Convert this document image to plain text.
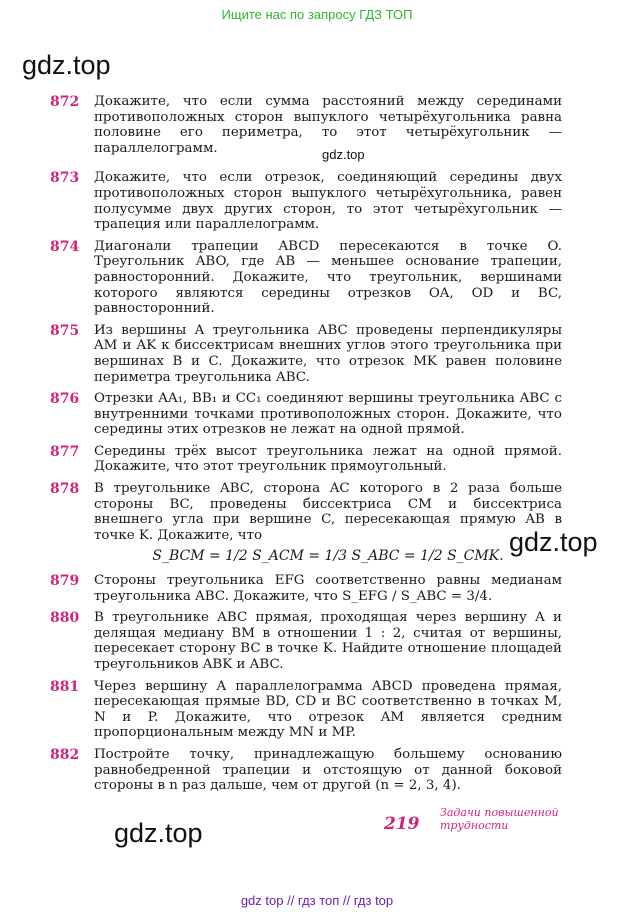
Ищите нас по запросу ГДЗ ТОП
gdz.top
gdz.top
gdz.top
gdz.top
872	Докажите, что если сумма расстояний между серединами противоположных сторон выпуклого четырёхугольника равна половине его периметра, то этот четырёхугольник — параллелограмм.
873	Докажите, что если отрезок, соединяющий середины двух противоположных сторон выпуклого четырёхугольника, равен полусумме двух других сторон, то этот четырёхугольник — трапеция или параллелограмм.
874	Диагонали трапеции ABCD пересекаются в точке O. Треугольник ABO, где AB — меньшее основание трапеции, равносторонний. Докажите, что треугольник, вершинами которого являются середины отрезков OA, OD и BC, равносторонний.
875	Из вершины A треугольника ABC проведены перпендикуляры AM и AK к биссектрисам внешних углов этого треугольника при вершинах B и C. Докажите, что отрезок MK равен половине периметра треугольника ABC.
876	Отрезки AA₁, BB₁ и CC₁ соединяют вершины треугольника ABC с внутренними точками противоположных сторон. Докажите, что середины этих отрезков не лежат на одной прямой.
877	Середины трёх высот треугольника лежат на одной прямой. Докажите, что этот треугольник прямоугольный.
878	В треугольнике ABC, сторона AC которого в 2 раза больше стороны BC, проведены биссектриса CM и биссектриса внешнего угла при вершине C, пересекающая прямую AB в точке K. Докажите, что
S_BCM = 1/2 S_ACM = 1/3 S_ABC = 1/2 S_CMK.
879	Стороны треугольника EFG соответственно равны медианам треугольника ABC. Докажите, что S_EFG / S_ABC = 3/4.
880	В треугольнике ABC прямая, проходящая через вершину A и делящая медиану BM в отношении 1 : 2, считая от вершины, пересекает сторону BC в точке K. Найдите отношение площадей треугольников ABK и ABC.
881	Через вершину A параллелограмма ABCD проведена прямая, пересекающая прямые BD, CD и BC соответственно в точках M, N и P. Докажите, что отрезок AM является средним пропорциональным между MN и MP.
882	Постройте точку, принадлежащую большему основанию равнобедренной трапеции и отстоящую от данной боковой стороны в n раз дальше, чем от другой (n = 2, 3, 4).
219
Задачи повышенной трудности
gdz top // гдз топ // гдз top
